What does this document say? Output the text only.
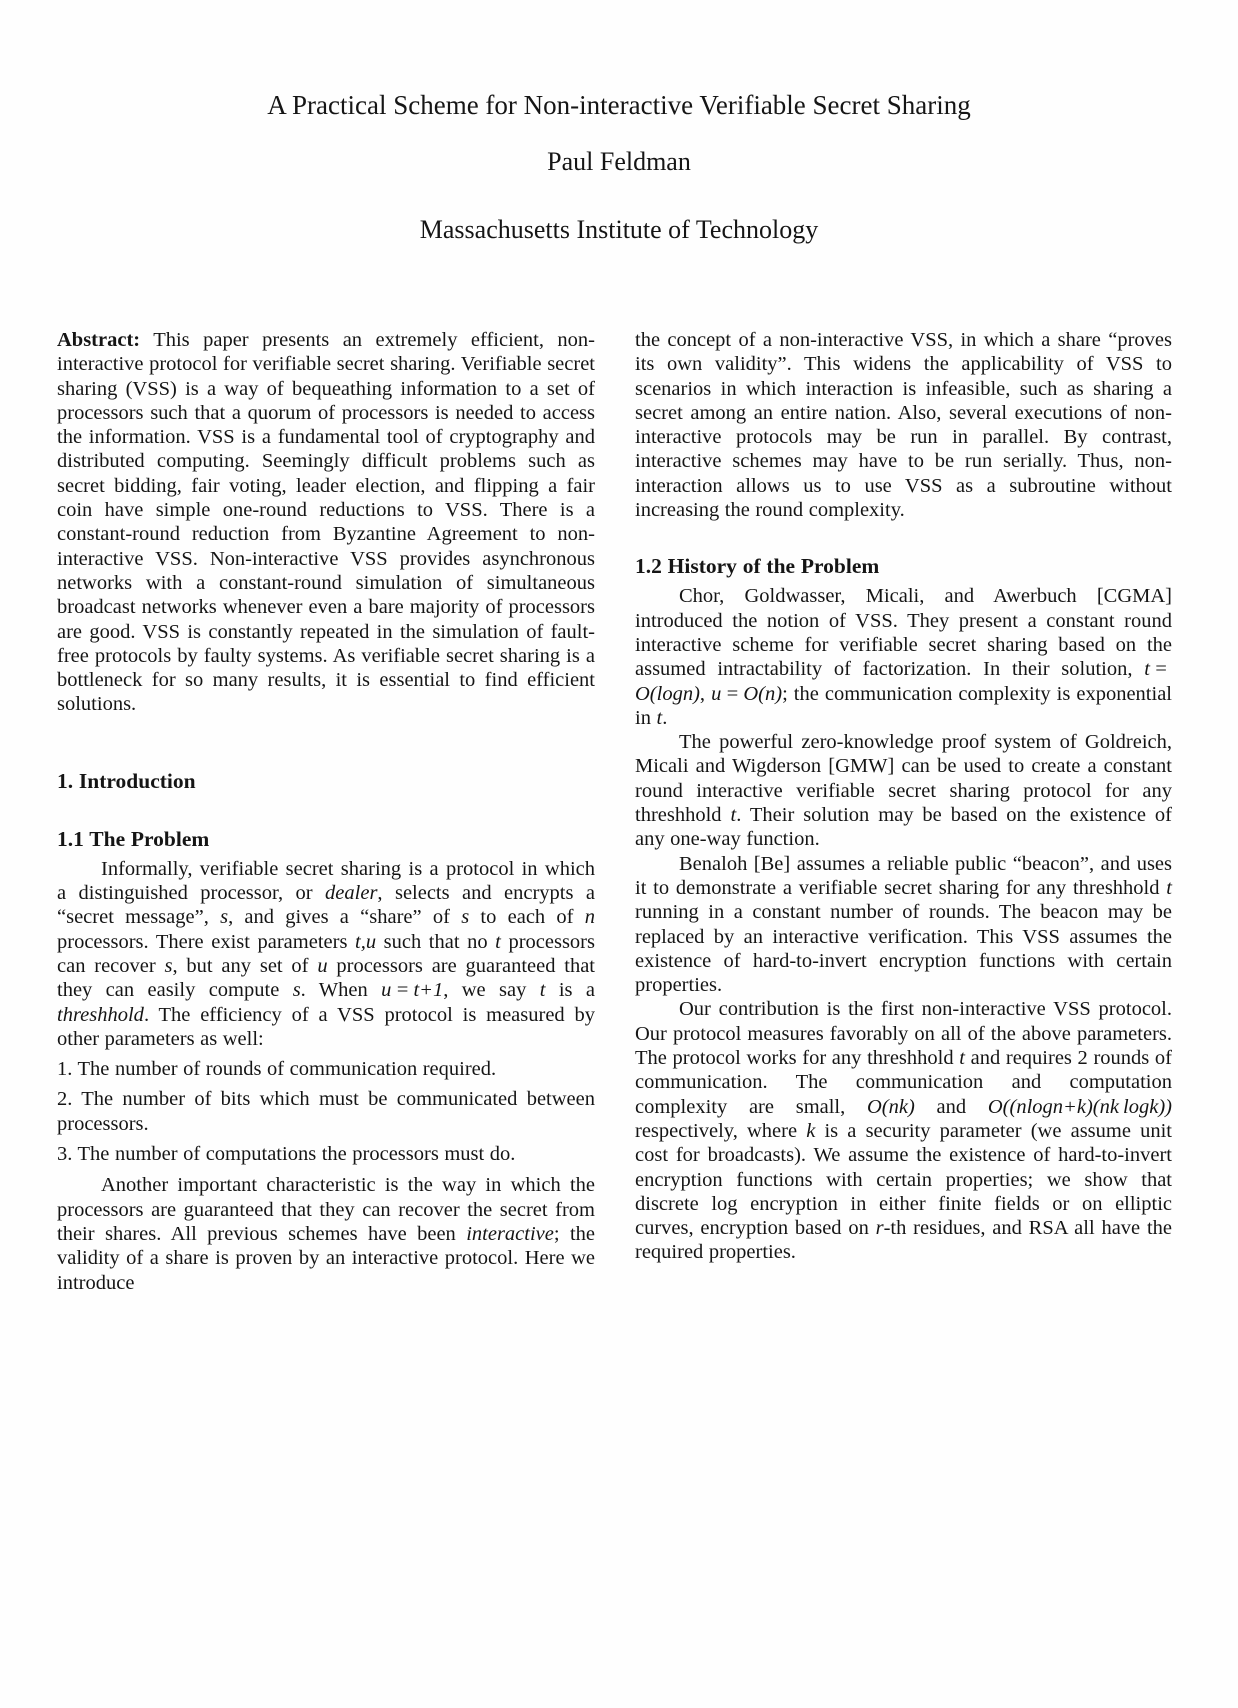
A Practical Scheme for Non-interactive Verifiable Secret Sharing
Paul Feldman
Massachusetts Institute of Technology

Abstract: This paper presents an extremely efficient, non-interactive protocol for verifiable secret sharing. Verifiable secret sharing (VSS) is a way of bequeathing information to a set of processors such that a quorum of processors is needed to access the information. VSS is a fundamental tool of cryptography and distributed computing. Seemingly difficult problems such as secret bidding, fair voting, leader election, and flipping a fair coin have simple one-round reductions to VSS. There is a constant-round reduction from Byzantine Agreement to non-interactive VSS. Non-interactive VSS provides asynchronous networks with a constant-round simulation of simultaneous broadcast networks whenever even a bare majority of processors are good. VSS is constantly repeated in the simulation of fault-free protocols by faulty systems. As verifiable secret sharing is a bottleneck for so many results, it is essential to find efficient solutions.

1. Introduction
1.1 The Problem

Informally, verifiable secret sharing is a protocol in which a distinguished processor, or dealer, selects and encrypts a “secret message”, s, and gives a “share” of s to each of n processors. There exist parameters t,u such that no t processors can recover s, but any set of u processors are guaranteed that they can easily compute s. When u = t+1, we say t is a threshhold. The efficiency of a VSS protocol is measured by other parameters as well:

1. The number of rounds of communication required.

2. The number of bits which must be communicated between processors.

3. The number of computations the processors must do.

Another important characteristic is the way in which the processors are guaranteed that they can recover the secret from their shares. All previous schemes have been interactive; the validity of a share is proven by an interactive protocol. Here we introduce

the concept of a non-interactive VSS, in which a share “proves its own validity”. This widens the applicability of VSS to scenarios in which interaction is infeasible, such as sharing a secret among an entire nation. Also, several executions of non-interactive protocols may be run in parallel. By contrast, interactive schemes may have to be run serially. Thus, non-interaction allows us to use VSS as a subroutine without increasing the round complexity.

1.2 History of the Problem

Chor, Goldwasser, Micali, and Awerbuch [CGMA] introduced the notion of VSS. They present a constant round interactive scheme for verifiable secret sharing based on the assumed intractability of factorization. In their solution, t = O(logn), u = O(n); the communication complexity is exponential in t.

The powerful zero-knowledge proof system of Goldreich, Micali and Wigderson [GMW] can be used to create a constant round interactive verifiable secret sharing protocol for any threshhold t. Their solution may be based on the existence of any one-way function.

Benaloh [Be] assumes a reliable public “beacon”, and uses it to demonstrate a verifiable secret sharing for any threshhold t running in a constant number of rounds. The beacon may be replaced by an interactive verification. This VSS assumes the existence of hard-to-invert encryption functions with certain properties.

Our contribution is the first non-interactive VSS protocol. Our protocol measures favorably on all of the above parameters. The protocol works for any threshhold t and requires 2 rounds of communication. The communication and computation complexity are small, O(nk) and O((nlogn+k)(nk logk)) respectively, where k is a security parameter (we assume unit cost for broadcasts). We assume the existence of hard-to-invert encryption functions with certain properties; we show that discrete log encryption in either finite fields or on elliptic curves, encryption based on r-th residues, and RSA all have the required properties.
